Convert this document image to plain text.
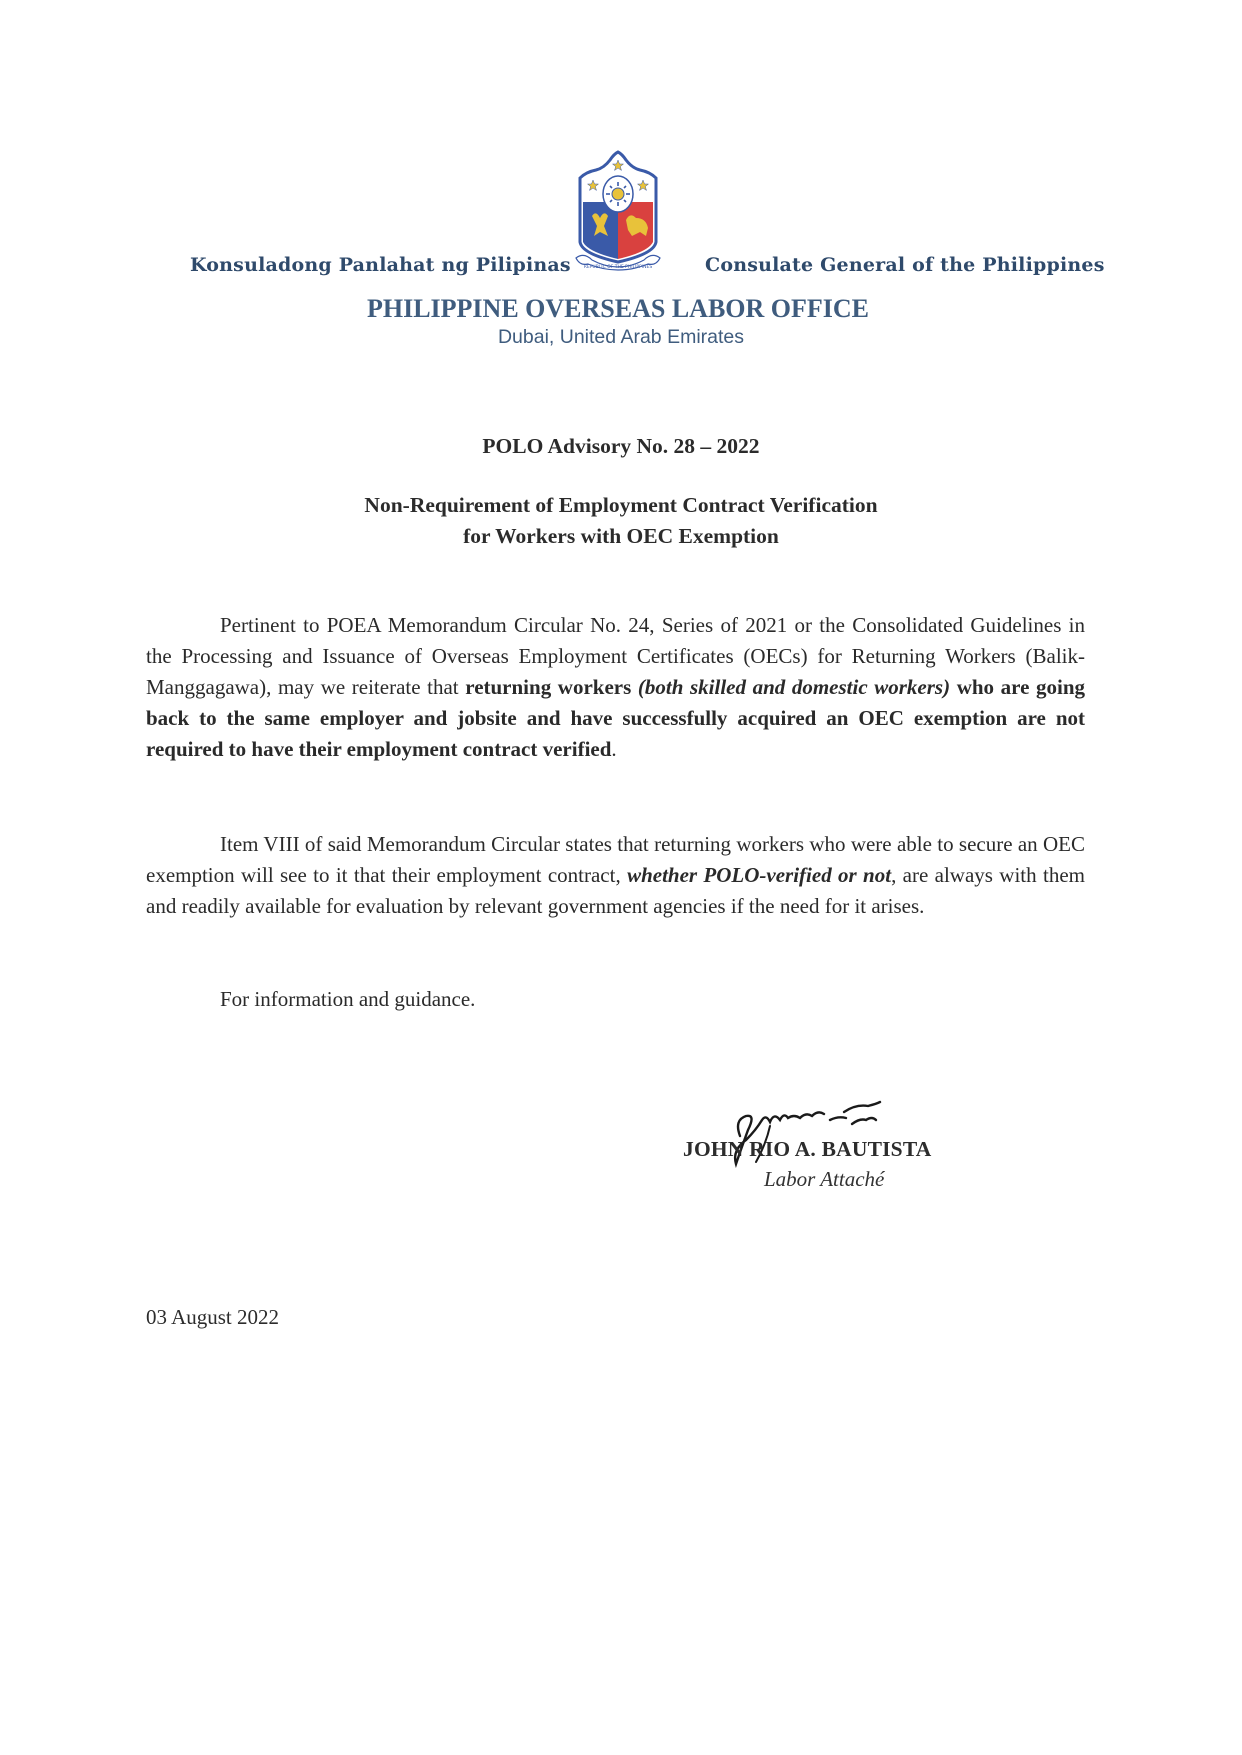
Konsuladong Panlahat ng Pilipinas	Consulate General of the Philippines
REPUBLIC OF THE PHILIPPINES
PHILIPPINE OVERSEAS LABOR OFFICE
Dubai, United Arab Emirates
POLO Advisory No. 28 – 2022
Non-Requirement of Employment Contract Verification
for Workers with OEC Exemption

Pertinent to POEA Memorandum Circular No. 24, Series of 2021 or the Consolidated Guidelines in the Processing and Issuance of Overseas Employment Certificates (OECs) for Returning Workers (Balik-Manggagawa), may we reiterate that returning workers (both skilled and domestic workers) who are going back to the same employer and jobsite and have successfully acquired an OEC exemption are not required to have their employment contract verified.

Item VIII of said Memorandum Circular states that returning workers who were able to secure an OEC exemption will see to it that their employment contract, whether POLO-verified or not, are always with them and readily available for evaluation by relevant government agencies if the need for it arises.

For information and guidance.

JOHN RIO A. BAUTISTA
Labor Attaché
03 August 2022
